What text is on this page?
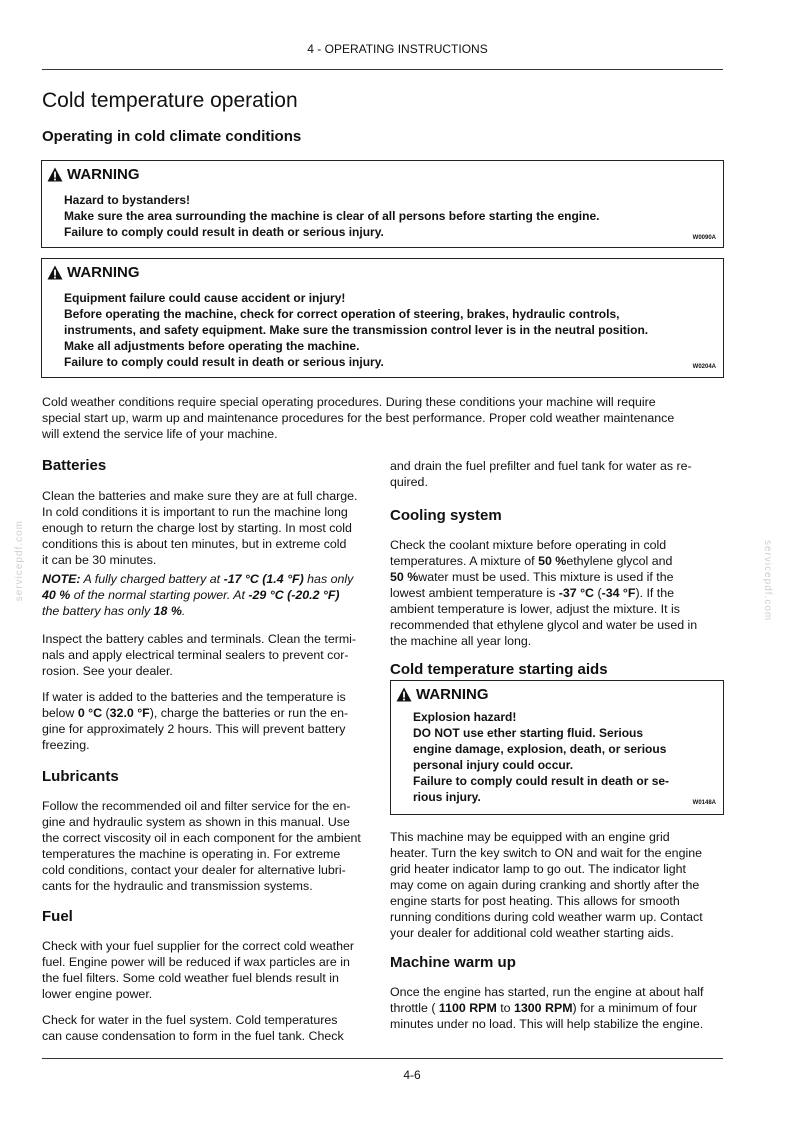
4 - OPERATING INSTRUCTIONS
Cold temperature operation
Operating in cold climate conditions
WARNING
Hazard to bystanders!
Make sure the area surrounding the machine is clear of all persons before starting the engine.
Failure to comply could result in death or serious injury.	W0090A
WARNING
Equipment failure could cause accident or injury!
Before operating the machine, check for correct operation of steering, brakes, hydraulic controls,
instruments, and safety equipment. Make sure the transmission control lever is in the neutral position.
Make all adjustments before operating the machine.
Failure to comply could result in death or serious injury.	W0204A
Cold weather conditions require special operating procedures. During these conditions your machine will require
special start up, warm up and maintenance procedures for the best performance. Proper cold weather maintenance
will extend the service life of your machine.
Batteries
Clean the batteries and make sure they are at full charge.
In cold conditions it is important to run the machine long
enough to return the charge lost by starting. In most cold
conditions this is about ten minutes, but in extreme cold
it can be 30 minutes.
NOTE: A fully charged battery at -17 °C (1.4 °F) has only
40 % of the normal starting power. At -29 °C (-20.2 °F)
the battery has only 18 %.
Inspect the battery cables and terminals. Clean the termi-
nals and apply electrical terminal sealers to prevent cor-
rosion. See your dealer.
If water is added to the batteries and the temperature is
below 0 °C (32.0 °F), charge the batteries or run the en-
gine for approximately 2 hours. This will prevent battery
freezing.
Lubricants
Follow the recommended oil and filter service for the en-
gine and hydraulic system as shown in this manual. Use
the correct viscosity oil in each component for the ambient
temperatures the machine is operating in. For extreme
cold conditions, contact your dealer for alternative lubri-
cants for the hydraulic and transmission systems.
Fuel
Check with your fuel supplier for the correct cold weather
fuel. Engine power will be reduced if wax particles are in
the fuel filters. Some cold weather fuel blends result in
lower engine power.
Check for water in the fuel system. Cold temperatures
can cause condensation to form in the fuel tank. Check
and drain the fuel prefilter and fuel tank for water as re-
quired.
Cooling system
Check the coolant mixture before operating in cold
temperatures. A mixture of 50 %ethylene glycol and
50 %water must be used. This mixture is used if the
lowest ambient temperature is -37 °C (-34 °F). If the
ambient temperature is lower, adjust the mixture. It is
recommended that ethylene glycol and water be used in
the machine all year long.
Cold temperature starting aids
WARNING
Explosion hazard!
DO NOT use ether starting fluid. Serious
engine damage, explosion, death, or serious
personal injury could occur.
Failure to comply could result in death or se-
rious injury.	W0148A
This machine may be equipped with an engine grid
heater. Turn the key switch to ON and wait for the engine
grid heater indicator lamp to go out. The indicator light
may come on again during cranking and shortly after the
engine starts for post heating. This allows for smooth
running conditions during cold weather warm up. Contact
your dealer for additional cold weather starting aids.
Machine warm up
Once the engine has started, run the engine at about half
throttle ( 1100 RPM to 1300 RPM) for a minimum of four
minutes under no load. This will help stabilize the engine.
servicepdf.com	servicepdf.com
4-6
